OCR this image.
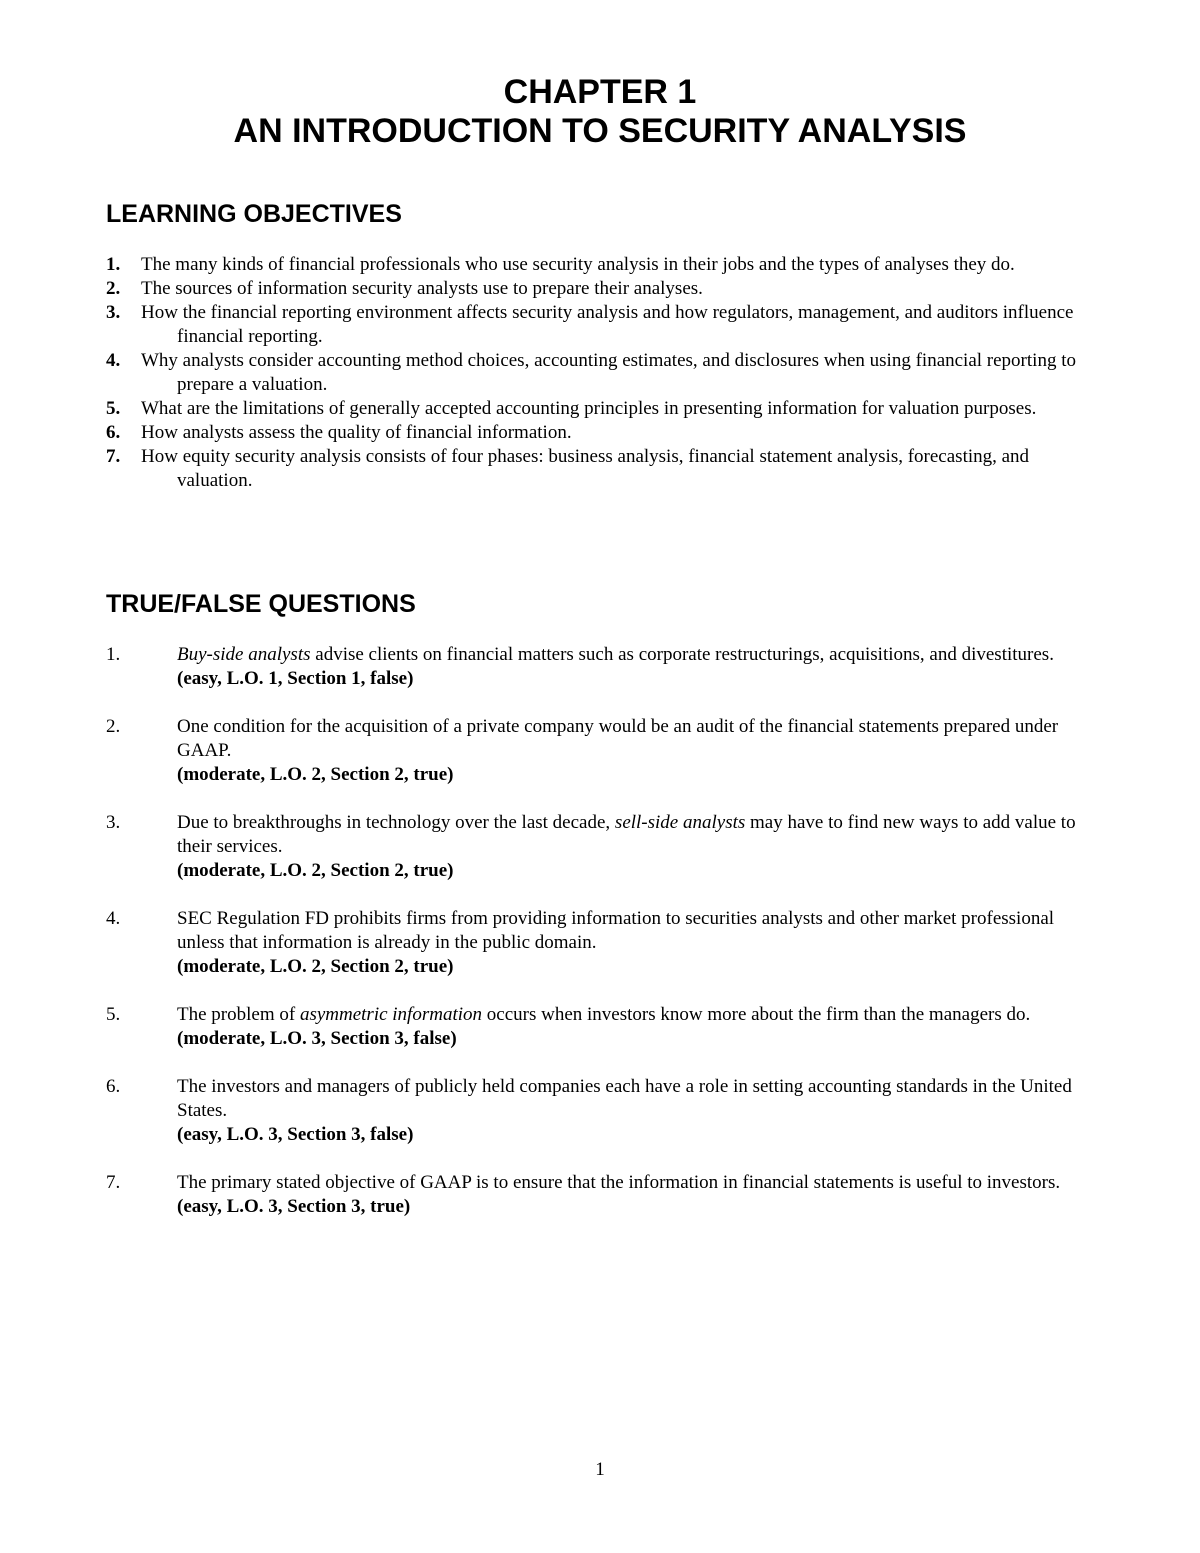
CHAPTER 1
AN INTRODUCTION TO SECURITY ANALYSIS
LEARNING OBJECTIVES
1. The many kinds of financial professionals who use security analysis in their jobs and the types of analyses they do.
2. The sources of information security analysts use to prepare their analyses.
3. How the financial reporting environment affects security analysis and how regulators, management, and auditors influence financial reporting.
4. Why analysts consider accounting method choices, accounting estimates, and disclosures when using financial reporting to prepare a valuation.
5. What are the limitations of generally accepted accounting principles in presenting information for valuation purposes.
6. How analysts assess the quality of financial information.
7. How equity security analysis consists of four phases: business analysis, financial statement analysis, forecasting, and valuation.
TRUE/FALSE QUESTIONS
1.	Buy-side analysts advise clients on financial matters such as corporate restructurings, acquisitions, and divestitures.
(easy, L.O. 1, Section 1, false)
2.	One condition for the acquisition of a private company would be an audit of the financial statements prepared under GAAP.
(moderate, L.O. 2, Section 2, true)
3.	Due to breakthroughs in technology over the last decade, sell-side analysts may have to find new ways to add value to their services.
(moderate, L.O. 2, Section 2, true)
4.	SEC Regulation FD prohibits firms from providing information to securities analysts and other market professional unless that information is already in the public domain.
(moderate, L.O. 2, Section 2, true)
5.	The problem of asymmetric information occurs when investors know more about the firm than the managers do.
(moderate, L.O. 3, Section 3, false)
6.	The investors and managers of publicly held companies each have a role in setting accounting standards in the United States.
(easy, L.O. 3, Section 3, false)
7.	The primary stated objective of GAAP is to ensure that the information in financial statements is useful to investors.
(easy, L.O. 3, Section 3, true)

1
